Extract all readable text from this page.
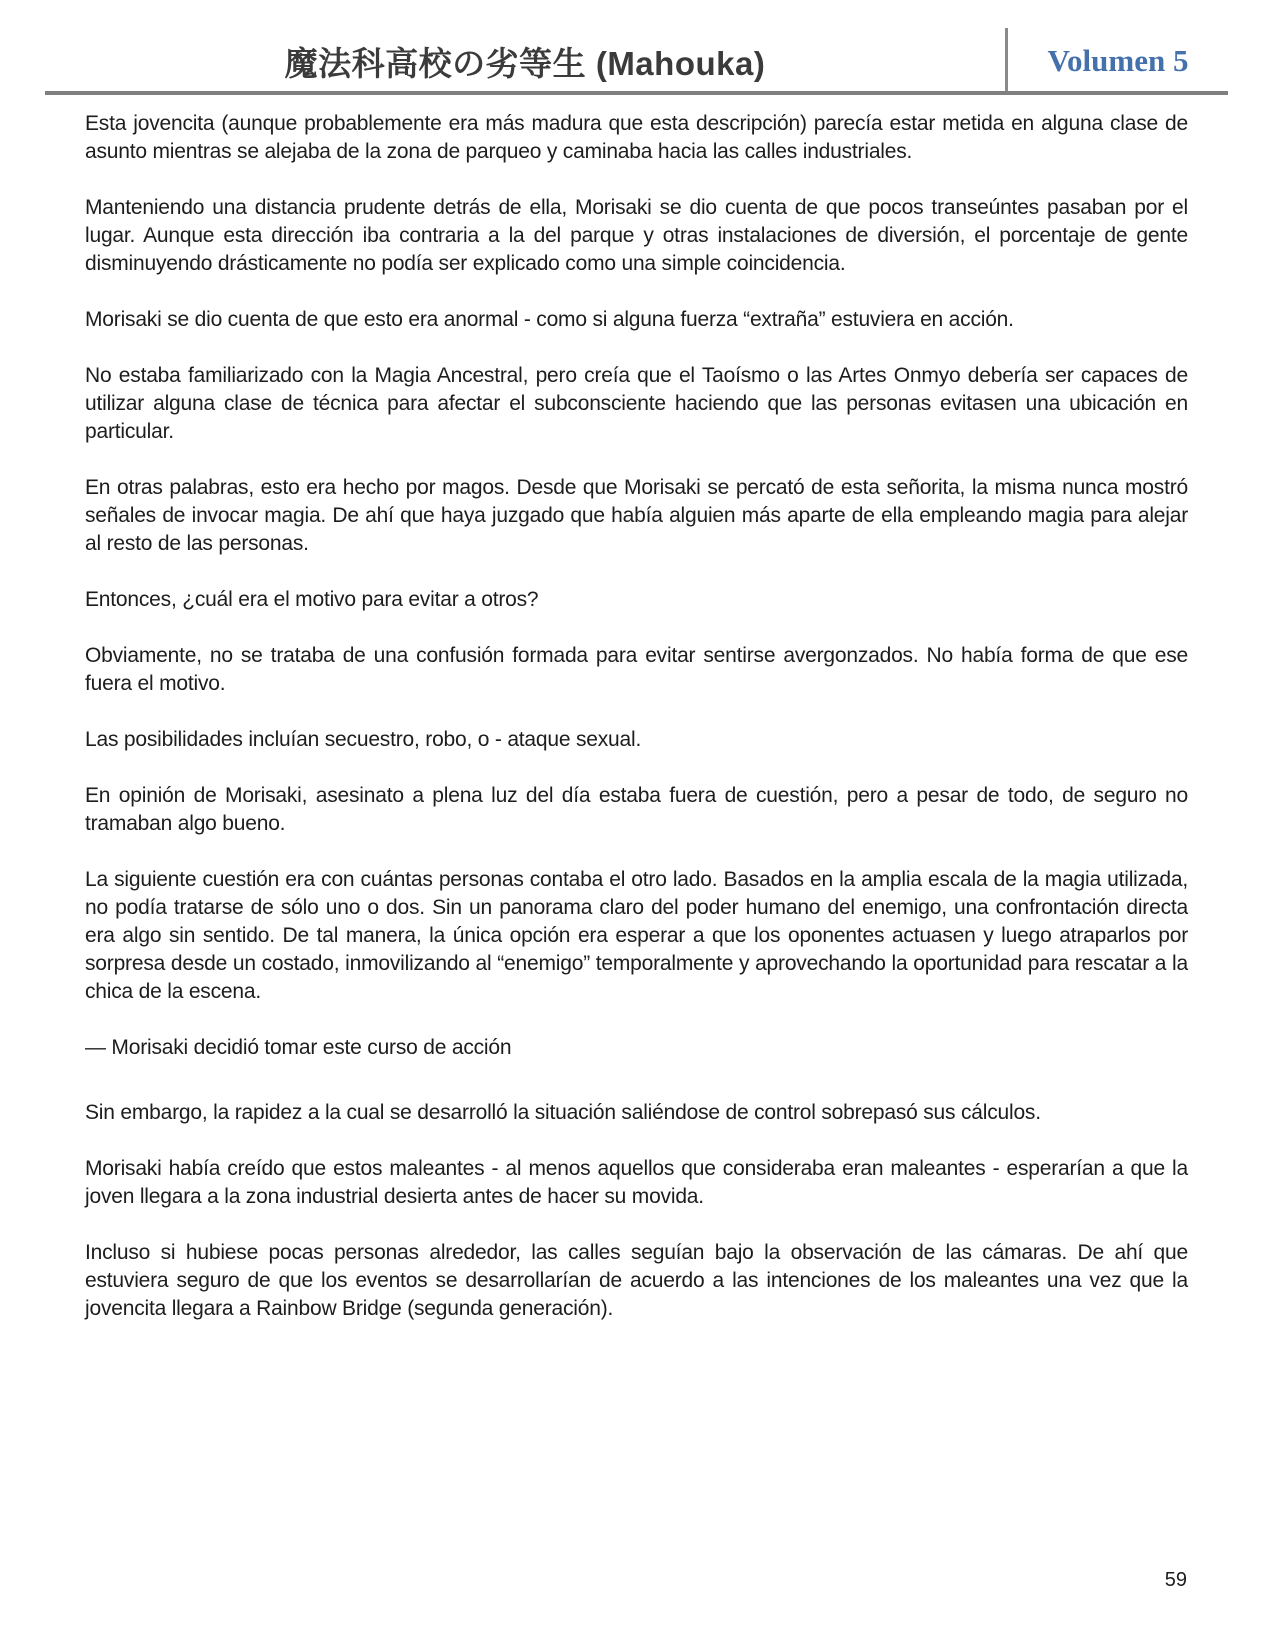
魔法科高校の劣等生 (Mahouka)	Volumen 5

Esta jovencita (aunque probablemente era más madura que esta descripción) parecía estar metida en alguna clase de asunto mientras se alejaba de la zona de parqueo y caminaba hacia las calles industriales.

Manteniendo una distancia prudente detrás de ella, Morisaki se dio cuenta de que pocos transeúntes pasaban por el lugar. Aunque esta dirección iba contraria a la del parque y otras instalaciones de diversión, el porcentaje de gente disminuyendo drásticamente no podía ser explicado como una simple coincidencia.

Morisaki se dio cuenta de que esto era anormal - como si alguna fuerza “extraña” estuviera en acción.

No estaba familiarizado con la Magia Ancestral, pero creía que el Taoísmo o las Artes Onmyo debería ser capaces de utilizar alguna clase de técnica para afectar el subconsciente haciendo que las personas evitasen una ubicación en particular.

En otras palabras, esto era hecho por magos. Desde que Morisaki se percató de esta señorita, la misma nunca mostró señales de invocar magia. De ahí que haya juzgado que había alguien más aparte de ella empleando magia para alejar al resto de las personas.

Entonces, ¿cuál era el motivo para evitar a otros?

Obviamente, no se trataba de una confusión formada para evitar sentirse avergonzados. No había forma de que ese fuera el motivo.

Las posibilidades incluían secuestro, robo, o - ataque sexual.

En opinión de Morisaki, asesinato a plena luz del día estaba fuera de cuestión, pero a pesar de todo, de seguro no tramaban algo bueno.

La siguiente cuestión era con cuántas personas contaba el otro lado. Basados en la amplia escala de la magia utilizada, no podía tratarse de sólo uno o dos. Sin un panorama claro del poder humano del enemigo, una confrontación directa era algo sin sentido. De tal manera, la única opción era esperar a que los oponentes actuasen y luego atraparlos por sorpresa desde un costado, inmovilizando al “enemigo” temporalmente y aprovechando la oportunidad para rescatar a la chica de la escena.

— Morisaki decidió tomar este curso de acción

Sin embargo, la rapidez a la cual se desarrolló la situación saliéndose de control sobrepasó sus cálculos.

Morisaki había creído que estos maleantes - al menos aquellos que consideraba eran maleantes - esperarían a que la joven llegara a la zona industrial desierta antes de hacer su movida.

Incluso si hubiese pocas personas alrededor, las calles seguían bajo la observación de las cámaras. De ahí que estuviera seguro de que los eventos se desarrollarían de acuerdo a las intenciones de los maleantes una vez que la jovencita llegara a Rainbow Bridge (segunda generación).

59
